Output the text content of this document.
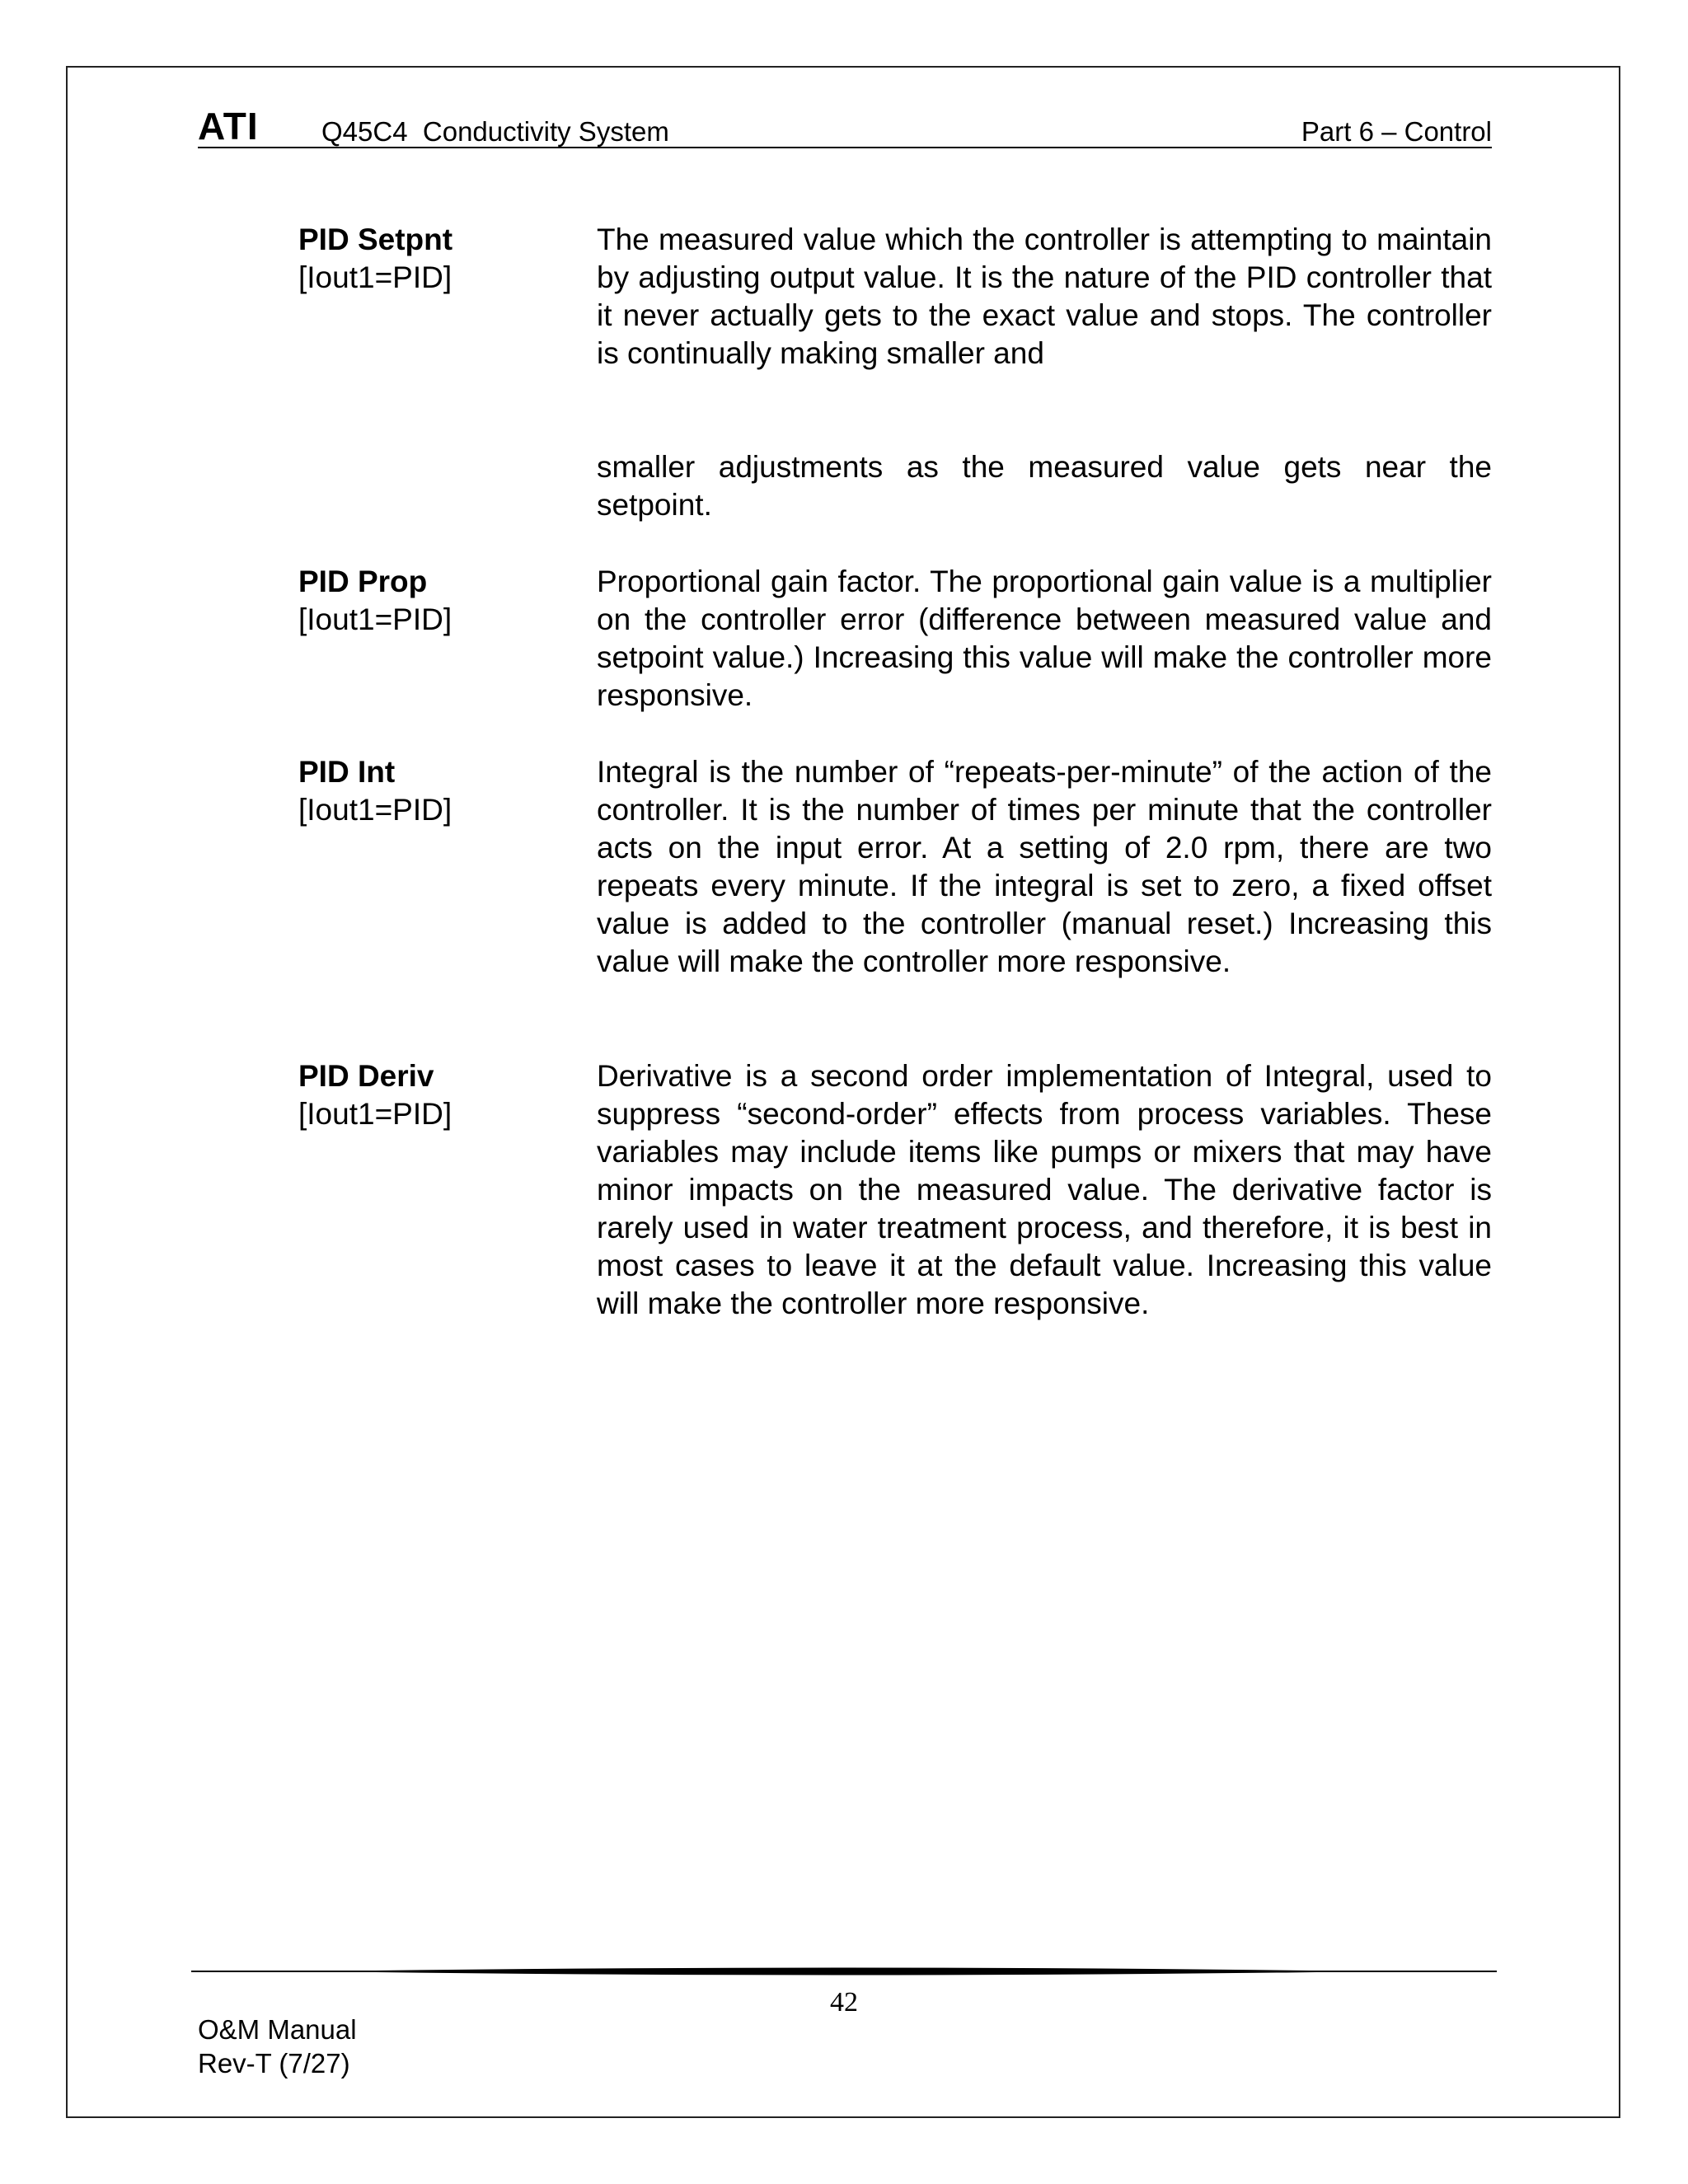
ATI Q45C4  Conductivity System	Part 6 – Control
PID Setpnt
[Iout1=PID]

The measured value which the controller is attempting to maintain by adjusting output value. It is the nature of the PID controller that it never actually gets to the exact value and stops. The controller is continually making smaller and

smaller adjustments as the measured value gets near the setpoint.

PID Prop
[Iout1=PID]

Proportional gain factor. The proportional gain value is a multiplier on the controller error (difference between measured value and setpoint value.) Increasing this value will make the controller more responsive.

PID Int
[Iout1=PID]

Integral is the number of “repeats-per-minute” of the action of the controller. It is the number of times per minute that the controller acts on the input error. At a setting of 2.0 rpm, there are two repeats every minute. If the integral is set to zero, a fixed offset value is added to the controller (manual reset.) Increasing this value will make the controller more responsive.

PID Deriv
[Iout1=PID]

Derivative is a second order implementation of Integral, used to suppress “second-order” effects from process variables. These variables may include items like pumps or mixers that may have minor impacts on the measured value. The derivative factor is rarely used in water treatment process, and therefore, it is best in most cases to leave it at the default value. Increasing this value will make the controller more responsive.

42
O&M Manual
Rev-T (7/27)
